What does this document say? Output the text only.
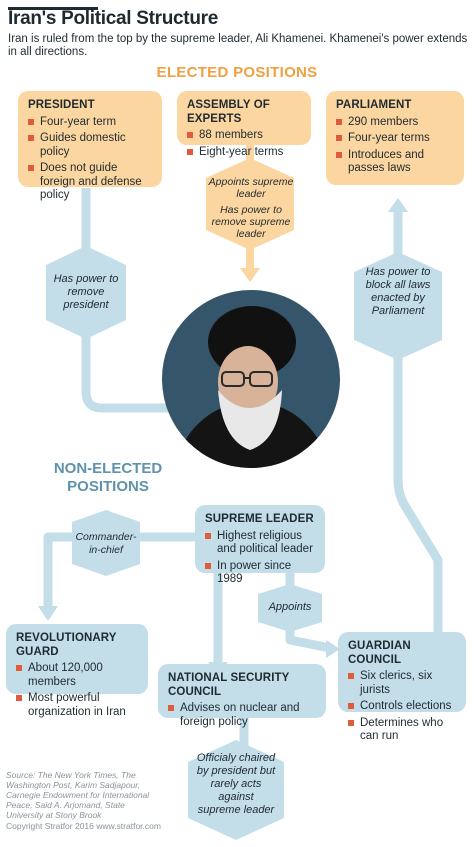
Iran's Political Structure
Iran is ruled from the top by the supreme leader, Ali Khamenei. Khamenei's power extends in all directions.
ELECTED POSITIONS
PRESIDENT
Four-year term
Guides domestic policy
Does not guide foreign and defense policy
ASSEMBLY OF EXPERTS
88 members
Eight-year terms
PARLIAMENT
290 members
Four-year terms
Introduces and passes laws
Appoints supreme leader
Has power to remove supreme leader
Has power to remove president
Has power to block all laws enacted by Parliament
Commander-in-chief
Appoints
Officialy chaired by president but rarely acts against supreme leader
NON-ELECTED
POSITIONS
SUPREME LEADER
Highest religious and political leader
In power since 1989
REVOLUTIONARY GUARD
About 120,000 members
Most powerful organization in Iran
NATIONAL SECURITY COUNCIL
Advises on nuclear and foreign policy
GUARDIAN COUNCIL
Six clerics, six jurists
Controls elections
Determines who can run
Source: The New York Times, The Washington Post, Karim Sadjapour, Carnegie Endowment for International Peace, Said A. Arjomand, State University at Stony Brook
Copyright Stratfor 2016 www.stratfor.com
